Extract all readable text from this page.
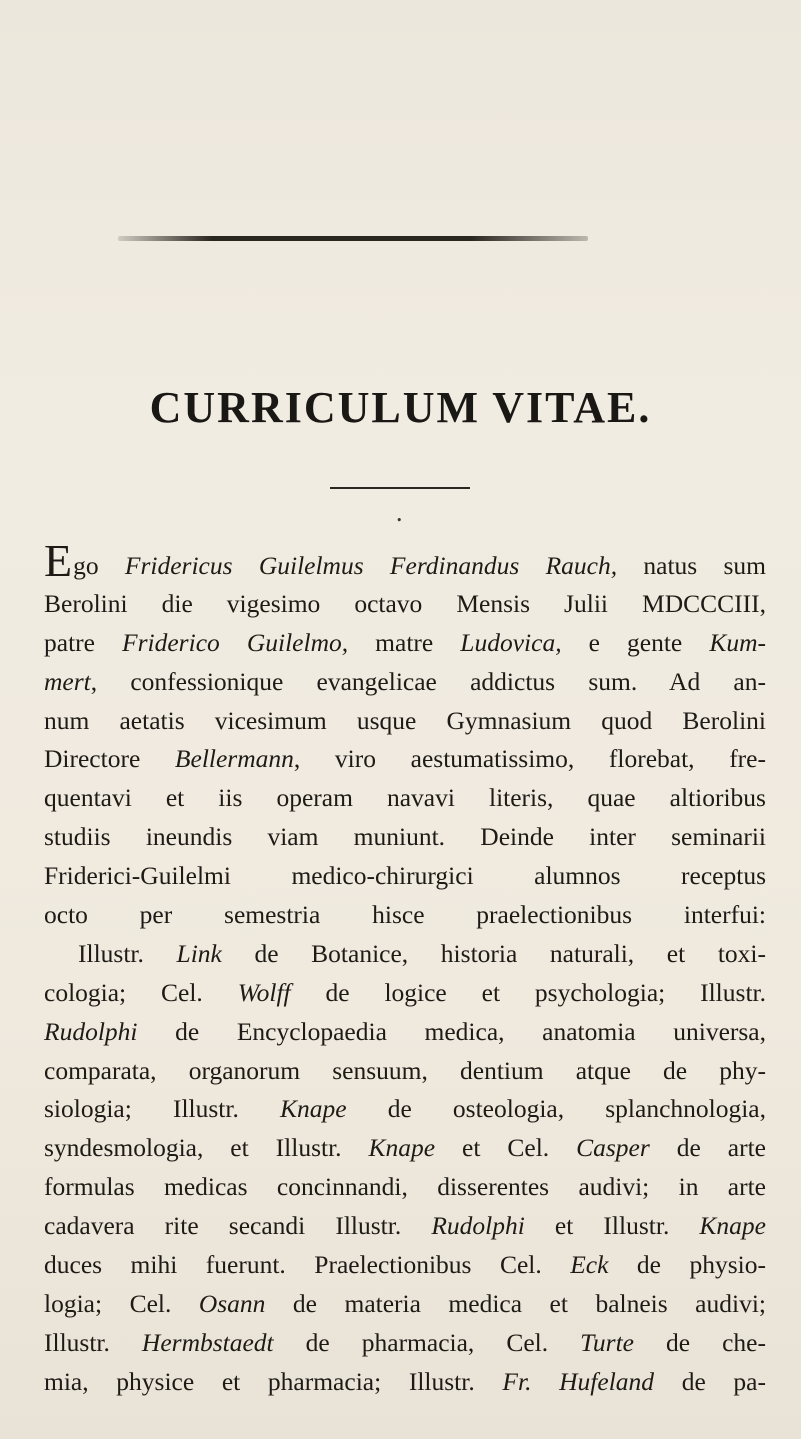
CURRICULUM VITAE.
•
Ego Fridericus Guilelmus Ferdinandus Rauch, natus sum
Berolini die vigesimo octavo Mensis Julii MDCCCIII,
patre Friderico Guilelmo, matre Ludovica, e gente Kum-
mert, confessionique evangelicae addictus sum. Ad an-
num aetatis vicesimum usque Gymnasium quod Berolini
Directore Bellermann, viro aestumatissimo, florebat, fre-
quentavi et iis operam navavi literis, quae altioribus
studiis ineundis viam muniunt. Deinde inter seminarii
Friderici-Guilelmi medico-chirurgici alumnos receptus
octo per semestria hisce praelectionibus interfui:
Illustr. Link de Botanice, historia naturali, et toxi-
cologia; Cel. Wolff de logice et psychologia; Illustr.
Rudolphi de Encyclopaedia medica, anatomia universa,
comparata, organorum sensuum, dentium atque de phy-
siologia; Illustr. Knape de osteologia, splanchnologia,
syndesmologia, et Illustr. Knape et Cel. Casper de arte
formulas medicas concinnandi, disserentes audivi; in arte
cadavera rite secandi Illustr. Rudolphi et Illustr. Knape
duces mihi fuerunt. Praelectionibus Cel. Eck de physio-
logia; Cel. Osann de materia medica et balneis audivi;
Illustr. Hermbstaedt de pharmacia, Cel. Turte de che-
mia, physice et pharmacia; Illustr. Fr. Hufeland de pa-
